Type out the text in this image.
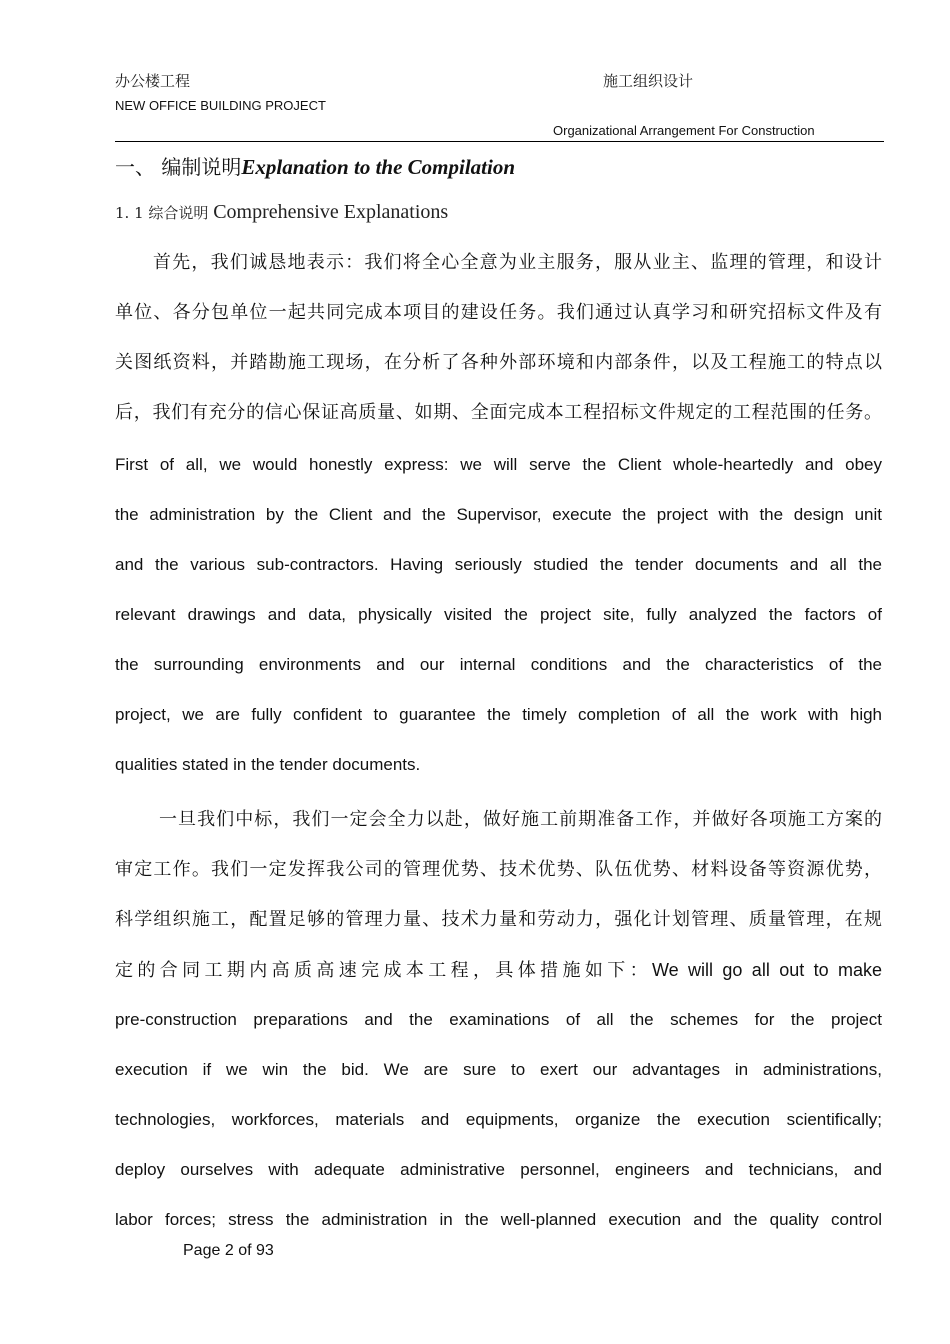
办公楼工程
NEW OFFICE BUILDING PROJECT
施工组织设计
Organizational Arrangement For Construction
一、 编制说明Explanation to the Compilation
1. 1 综合说明 Comprehensive Explanations
首先，我们诚恳地表示：我们将全心全意为业主服务，服从业主、监理的管理，和设计
单位、各分包单位一起共同完成本项目的建设任务。我们通过认真学习和研究招标文件及有
关图纸资料，并踏勘施工现场，在分析了各种外部环境和内部条件，以及工程施工的特点以
后，我们有充分的信心保证高质量、如期、全面完成本工程招标文件规定的工程范围的任务。
First of all, we would honestly express: we will serve the Client whole-heartedly and obey
the administration by the Client and the Supervisor, execute the project with the design unit
and the various sub-contractors. Having seriously studied the tender documents and all the
relevant drawings and data, physically visited the project site, fully analyzed the factors of
the surrounding environments and our internal conditions and the characteristics of the
project, we are fully confident to guarantee the timely completion of all the work with high
qualities stated in the tender documents.
一旦我们中标，我们一定会全力以赴，做好施工前期准备工作，并做好各项施工方案的
审定工作。我们一定发挥我公司的管理优势、技术优势、队伍优势、材料设备等资源优势，
科学组织施工，配置足够的管理力量、技术力量和劳动力，强化计划管理、质量管理，在规
定的合同工期内高质高速完成本工程，具体措施如下：We will go all out to make
pre-construction preparations and the examinations of all the schemes for the project
execution if we win the bid. We are sure to exert our advantages in administrations,
technologies, workforces, materials and equipments, organize the execution scientifically;
deploy ourselves with adequate administrative personnel, engineers and technicians, and
labor forces; stress the administration in the well-planned execution and the quality control
Page 2 of 93
